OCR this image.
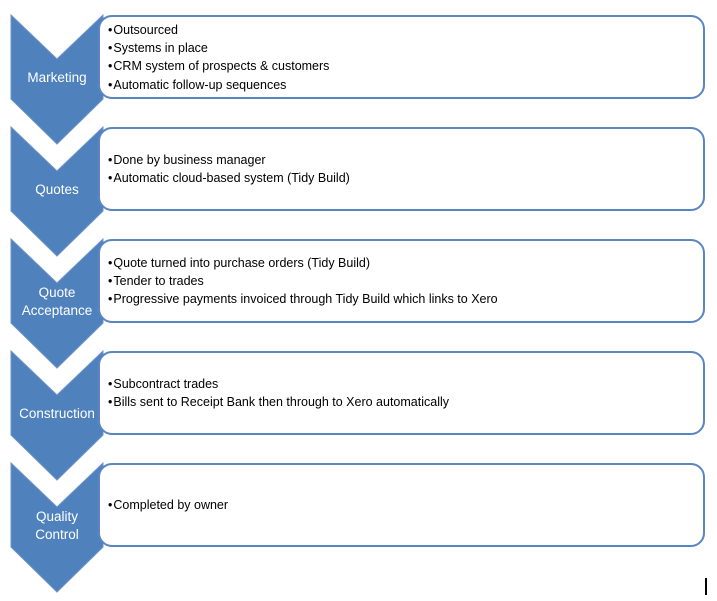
• Outsourced
• Systems in place
• CRM system of prospects & customers
• Automatic follow-up sequences
Marketing
• Done by business manager
• Automatic cloud-based system (Tidy Build)
Quotes
• Quote turned into purchase orders (Tidy Build)
• Tender to trades
• Progressive payments invoiced through Tidy Build which links to Xero
Quote
Acceptance
• Subcontract trades
• Bills sent to Receipt Bank then through to Xero automatically
Construction
• Completed by owner
Quality
Control
